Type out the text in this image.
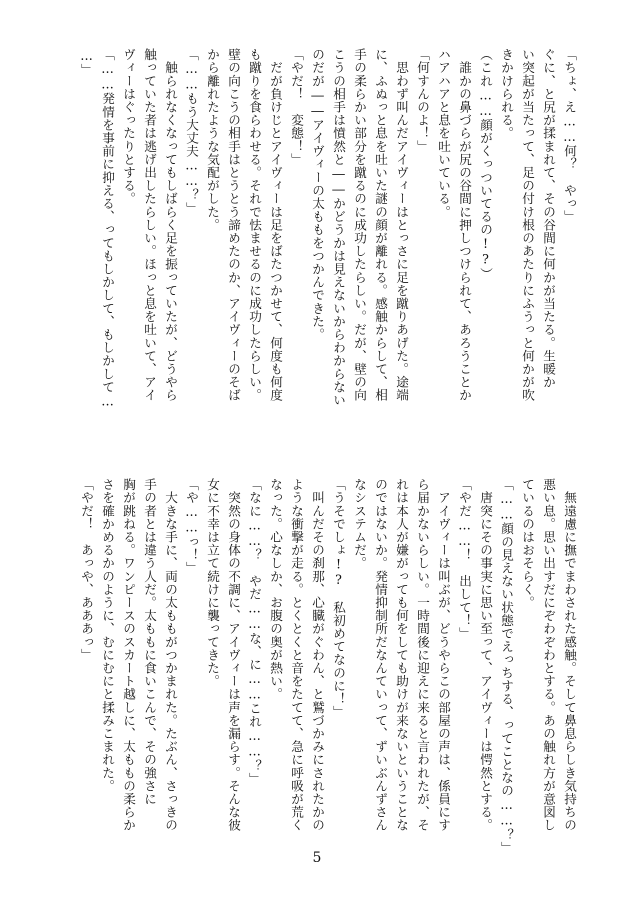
「ちょ、え……何？　やっ」
ぐに、と尻が揉まれて、その谷間に何かが当たる。生暖か
い突起が当たって、足の付け根のあたりにふうっと何かが吹
きかけられる。
（これ……顔がくっついてるの!?）
　誰かの鼻づらが尻の谷間に押しつけられて、あろうことか
ハアハアと息を吐いている。
「何すんのよ！」
　思わず叫んだアイヴィーはとっさに足を蹴りあげた。途端
に、ふぬっと息を吐いた謎の顔が離れる。感触からして、相
手の柔らかい部分を蹴るのに成功したらしい。だが、壁の向
こうの相手は憤然と――かどうかは見えないからわからない
のだが――アイヴィーの太ももをつかんできた。
「やだ！　変態！」
　だが負けじとアイヴィーは足をばたつかせて、何度も何度
も蹴りを食らわせる。それで怯ませるのに成功したらしい。
壁の向こうの相手はとうとう諦めたのか、アイヴィーのそば
から離れたような気配がした。
「……もう大丈夫……？」
　触られなくなってもしばらく足を振っていたが、どうやら
触っていた者は逃げ出したらしい。ほっと息を吐いて、アイ
ヴィーはぐったりとする。
「……発情を事前に抑える、ってもしかして、もしかして…
…」
　無遠慮に撫でまわされた感触。そして鼻息らしき気持ちの
悪い息。思い出すだにぞわぞわとする。あの触れ方が意図し
ているのはおそらく。
「……顔の見えない状態でえっちする、ってことなの……？」
　唐突にその事実に思い至って、アイヴィーは愕然とする。
「やだ……！　出して！」
　アイヴィーは叫ぶが、どうやらこの部屋の声は、係員にす
ら届かないらしい。一時間後に迎えに来ると言われたが、そ
れは本人が嫌がっても何をしても助けが来ないということな
のではないか。発情抑制所だなんていって、ずいぶんずさん
なシステムだ。
「うそでしょ!?　私初めてなのに！」
　叫んだその刹那、心臓がぐわん、と鷲づかみにされたかの
ような衝撃が走る。とくとくと音をたてて、急に呼吸が荒く
なった。心なしか、お腹の奥が熱い。
「なに……？　やだ……な、に……これ……？」
　突然の身体の不調に、アイヴィーは声を漏らす。そんな彼
女に不幸は立て続けに襲ってきた。
「や……っ！」
　大きな手に、両の太ももがつかまれた。たぶん、さっきの
手の者とは違う人だ。太ももに食いこんで、その強さに
胸が跳ねる。ワンピースのスカート越しに、太ももの柔らか
さを確かめるかのように、むにむにと揉みこまれた。
「やだ！　あっや、あああっ」
5
